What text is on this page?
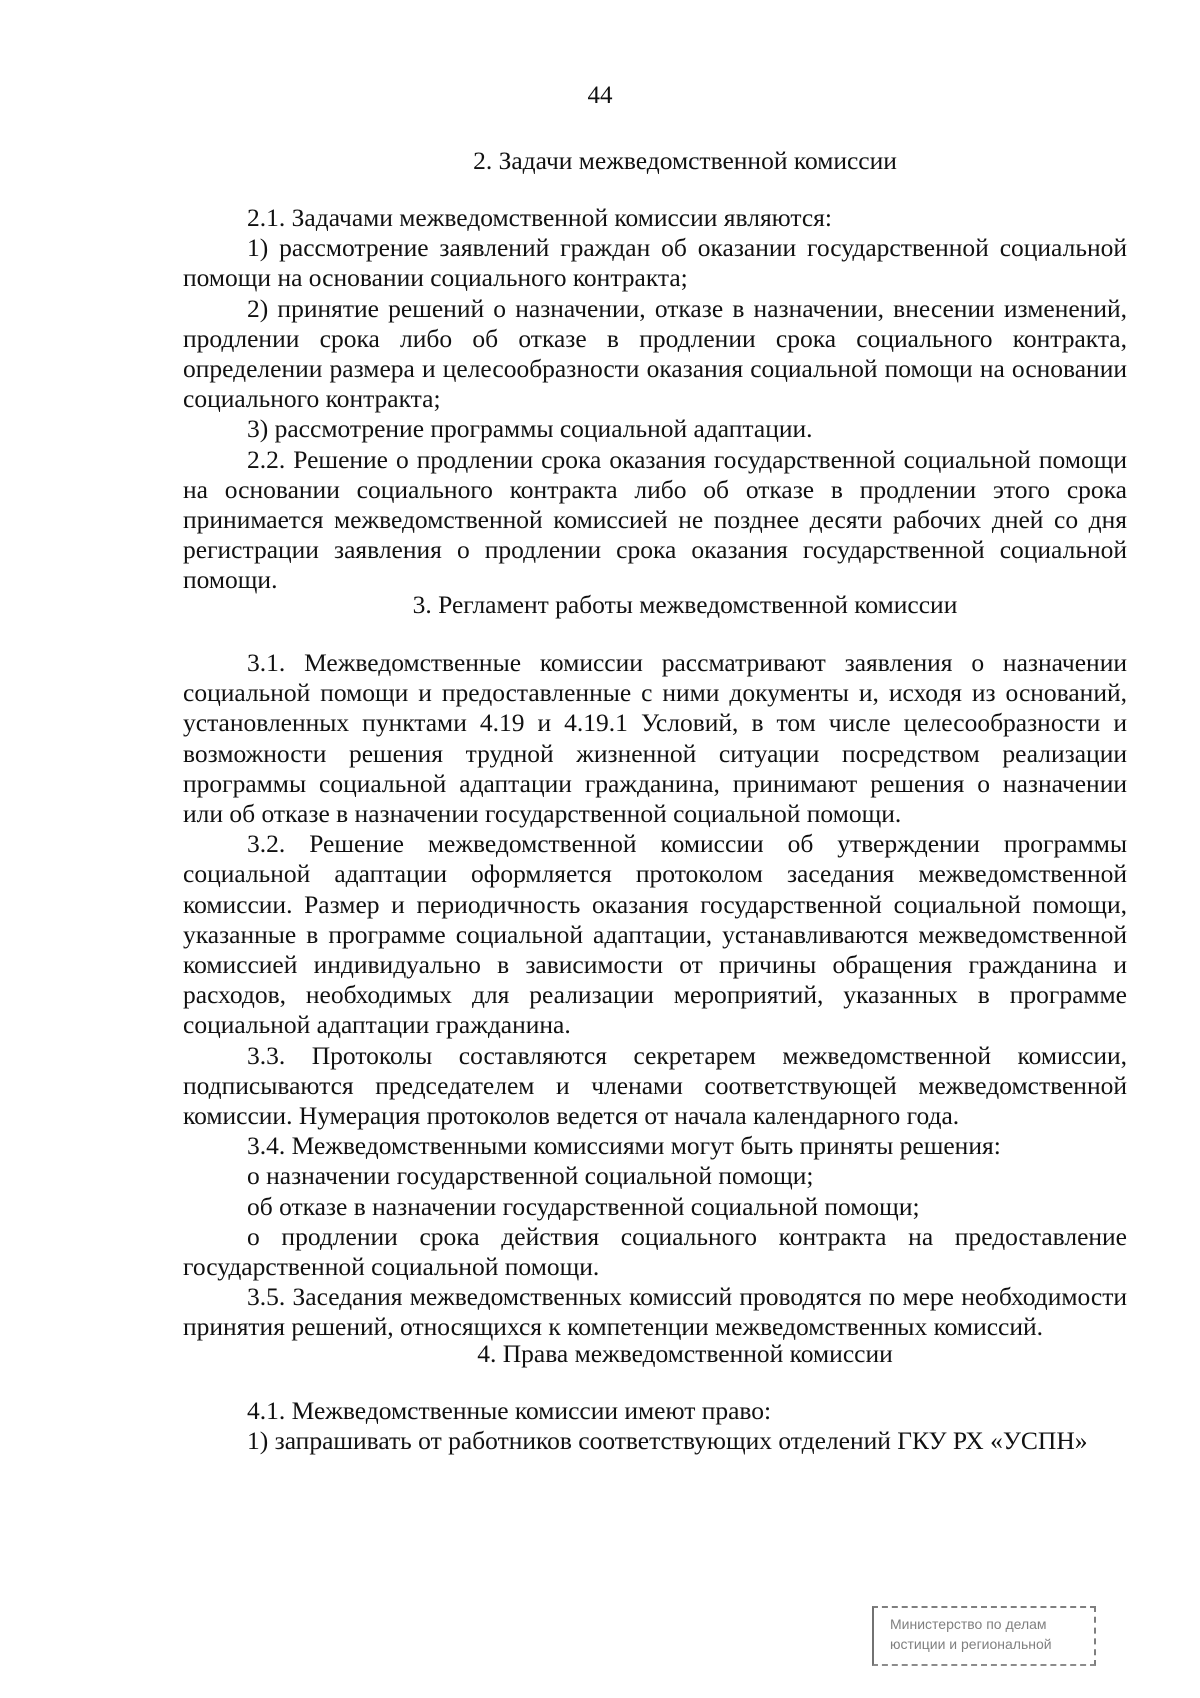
44

2. Задачи межведомственной комиссии

2.1. Задачами межведомственной комиссии являются:

1) рассмотрение заявлений граждан об оказании государственной социальной помощи на основании социального контракта;

2) принятие решений о назначении, отказе в назначении, внесении изменений, продлении срока либо об отказе в продлении срока социального контракта, определении размера и целесообразности оказания социальной помощи на основании социального контракта;

3) рассмотрение программы социальной адаптации.

2.2. Решение о продлении срока оказания государственной социальной помощи на основании социального контракта либо об отказе в продлении этого срока принимается межведомственной комиссией не позднее десяти рабочих дней со дня регистрации заявления о продлении срока оказания государственной социальной помощи.

3. Регламент работы межведомственной комиссии

3.1. Межведомственные комиссии рассматривают заявления о назначении социальной помощи и предоставленные с ними документы и, исходя из оснований, установленных пунктами 4.19 и 4.19.1 Условий, в том числе целесообразности и возможности решения трудной жизненной ситуации посредством реализации программы социальной адаптации гражданина, принимают решения о назначении или об отказе в назначении государственной социальной помощи.

3.2. Решение межведомственной комиссии об утверждении программы социальной адаптации оформляется протоколом заседания межведомственной комиссии. Размер и периодичность оказания государственной социальной помощи, указанные в программе социальной адаптации, устанавливаются межведомственной комиссией индивидуально в зависимости от причины обращения гражданина и расходов, необходимых для реализации мероприятий, указанных в программе социальной адаптации гражданина.

3.3. Протоколы составляются секретарем межведомственной комиссии, подписываются председателем и членами соответствующей межведомственной комиссии. Нумерация протоколов ведется от начала календарного года.

3.4. Межведомственными комиссиями могут быть приняты решения:

о назначении государственной социальной помощи;

об отказе в назначении государственной социальной помощи;

о продлении срока действия социального контракта на предоставление государственной социальной помощи.

3.5. Заседания межведомственных комиссий проводятся по мере необходимости принятия решений, относящихся к компетенции межведомственных комиссий.

4. Права межведомственной комиссии

4.1. Межведомственные комиссии имеют право:

1) запрашивать от работников соответствующих отделений ГКУ РХ «УСПН»

Министерство по делам
юстиции и региональной
